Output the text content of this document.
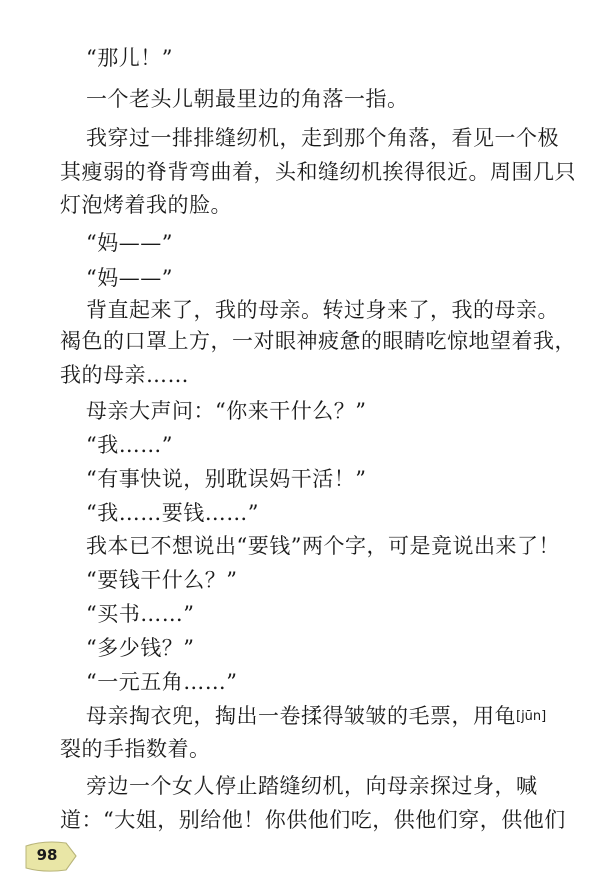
“那儿！”
一个老头儿朝最里边的角落一指。
我穿过一排排缝纫机，走到那个角落，看见一个极
其瘦弱的脊背弯曲着，头和缝纫机挨得很近。周围几只
灯泡烤着我的脸。
“妈——”
“妈——”
背直起来了，我的母亲。转过身来了，我的母亲。
褐色的口罩上方，一对眼神疲惫的眼睛吃惊地望着我，
我的母亲……
母亲大声问：“你来干什么？”
“我……”
“有事快说，别耽误妈干活！”
“我……要钱……”
我本已不想说出“要钱”两个字，可是竟说出来了！
“要钱干什么？”
“买书……”
“多少钱？”
“一元五角……”
母亲掏衣兜，掏出一卷揉得皱皱的毛票，用龟[jūn]
裂的手指数着。
旁边一个女人停止踏缝纫机，向母亲探过身，喊
道：“大姐，别给他！你供他们吃，供他们穿，供他们
98
